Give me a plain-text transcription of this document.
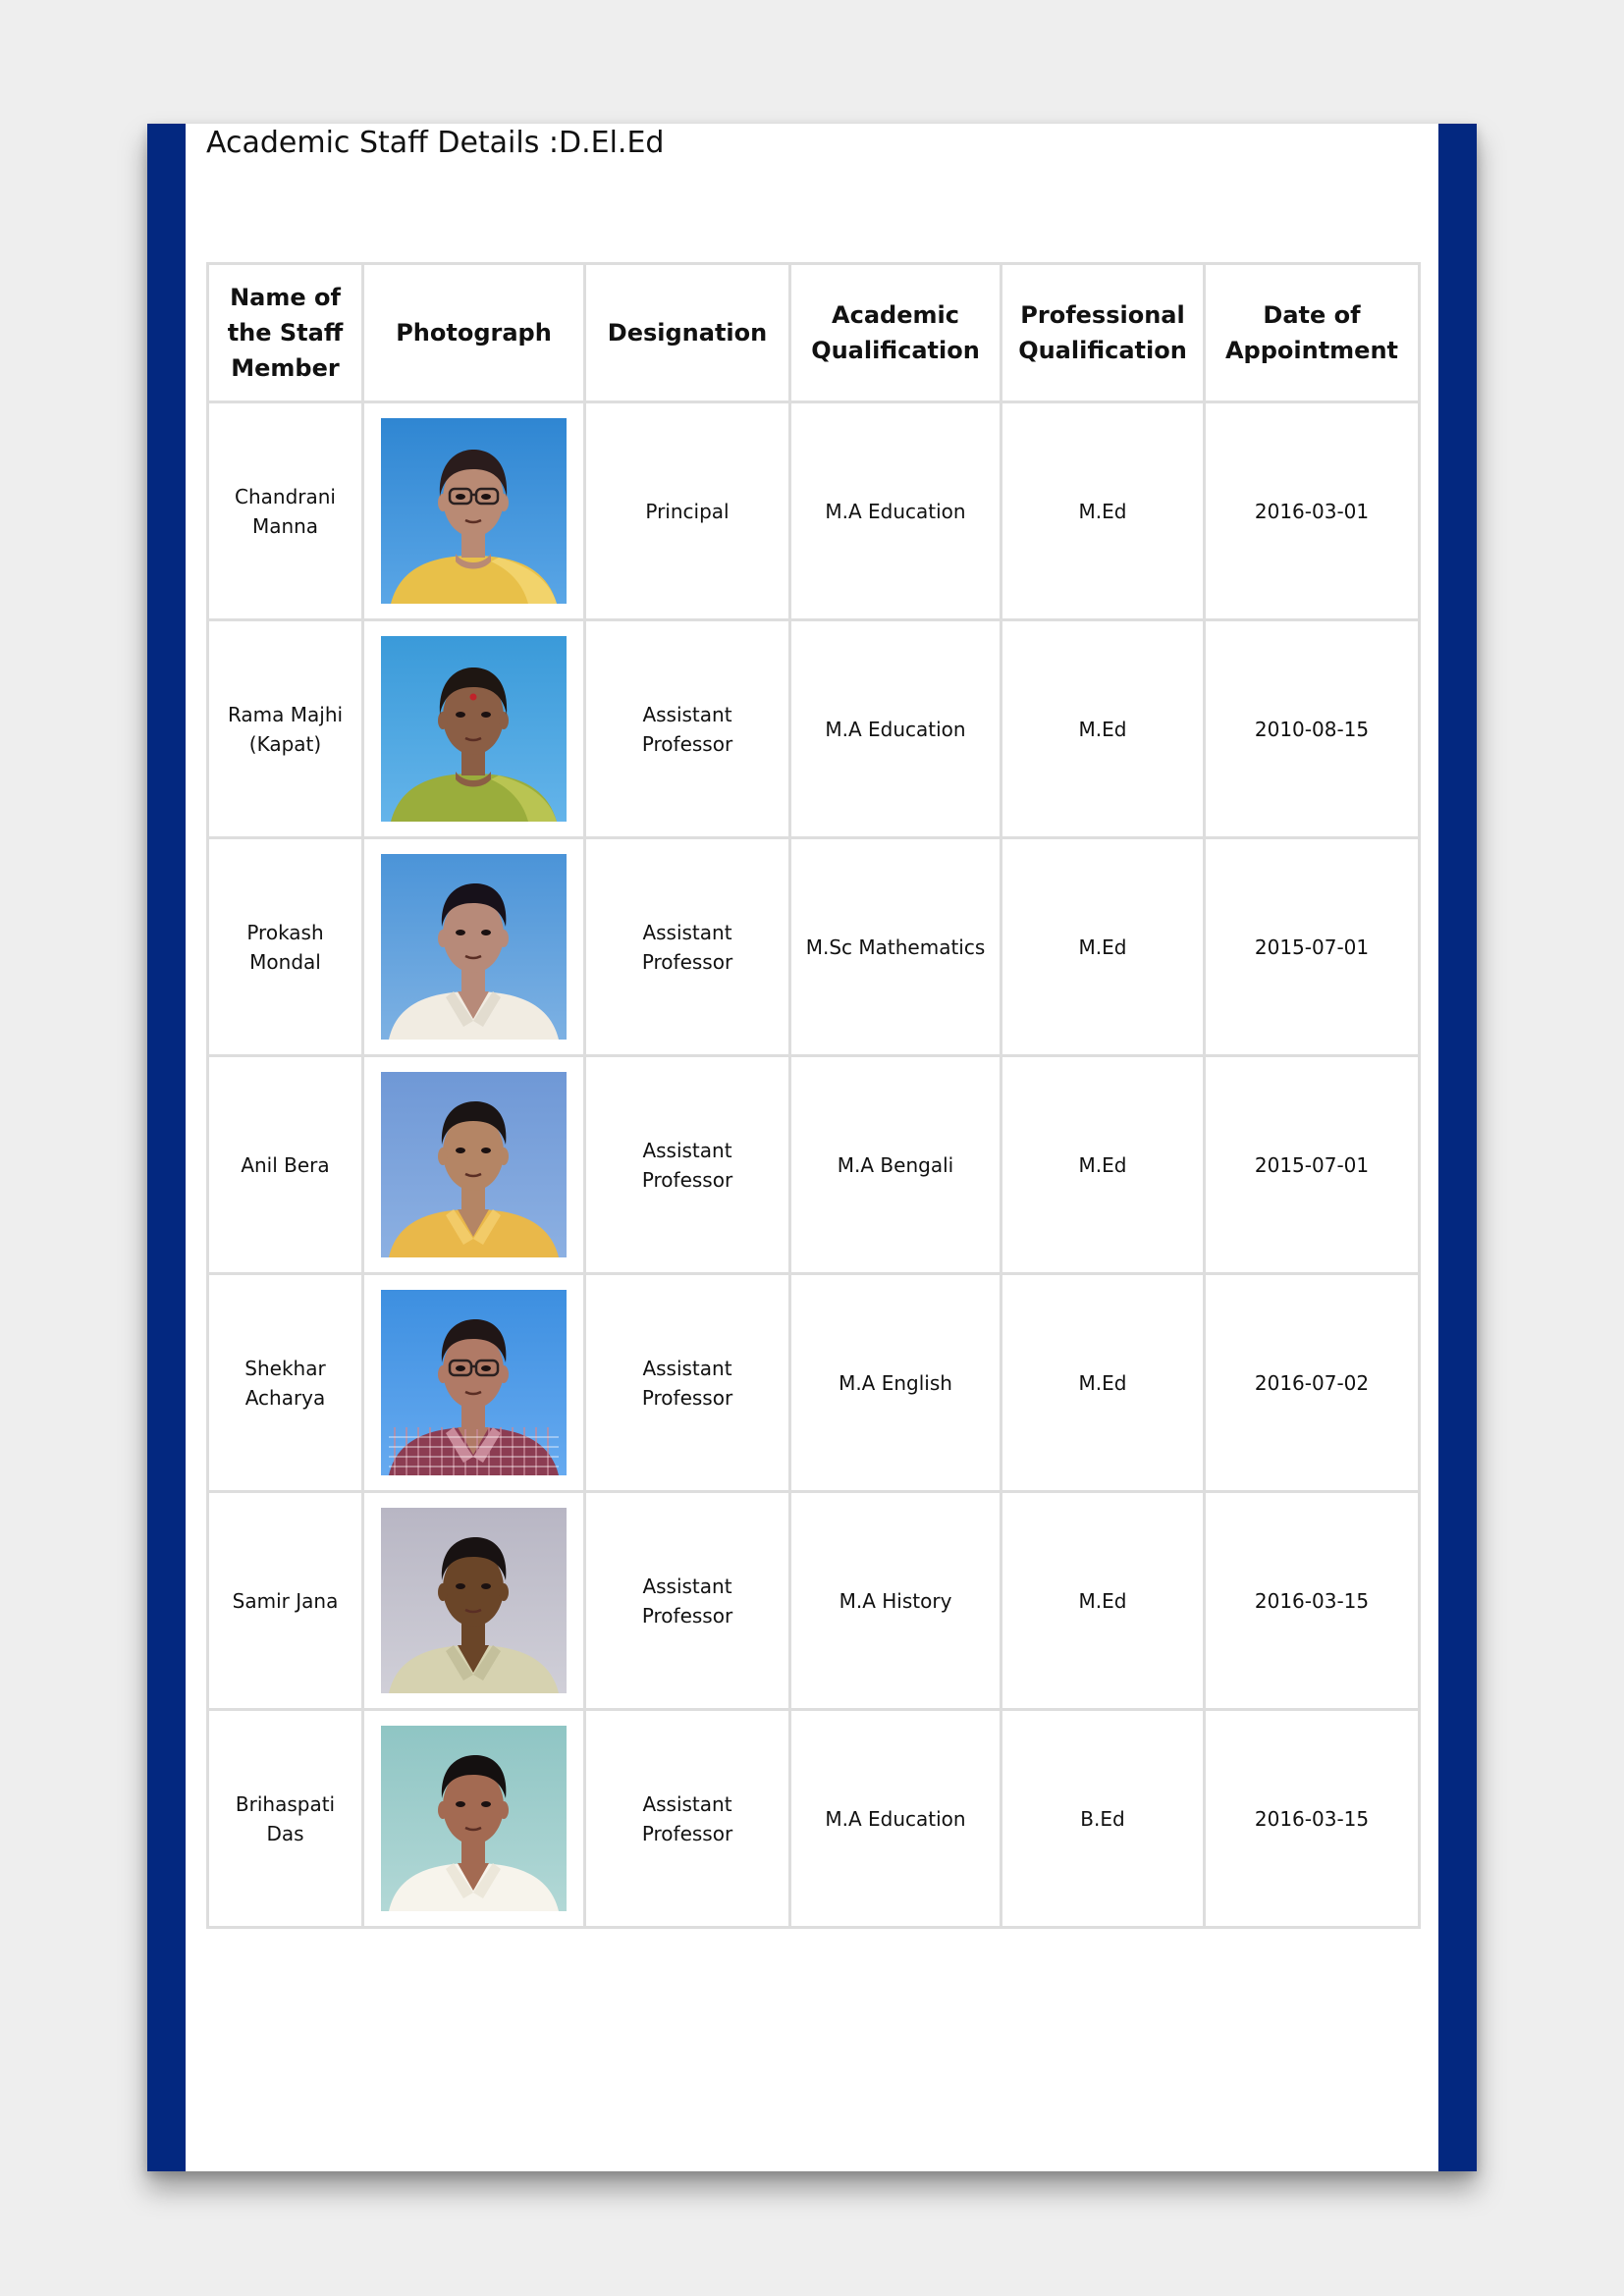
Academic Staff Details :D.El.Ed
Name of the Staff Member	Photograph	Designation	Academic Qualification	Professional Qualification	Date of Appointment
Chandrani Manna		Principal	M.A Education	M.Ed	2016-03-01
Rama Majhi (Kapat)		Assistant Professor	M.A Education	M.Ed	2010-08-15
Prokash Mondal		Assistant Professor	M.Sc Mathematics	M.Ed	2015-07-01
Anil Bera		Assistant Professor	M.A Bengali	M.Ed	2015-07-01
Shekhar Acharya		Assistant Professor	M.A English	M.Ed	2016-07-02
Samir Jana		Assistant Professor	M.A History	M.Ed	2016-03-15
Brihaspati Das		Assistant Professor	M.A Education	B.Ed	2016-03-15
